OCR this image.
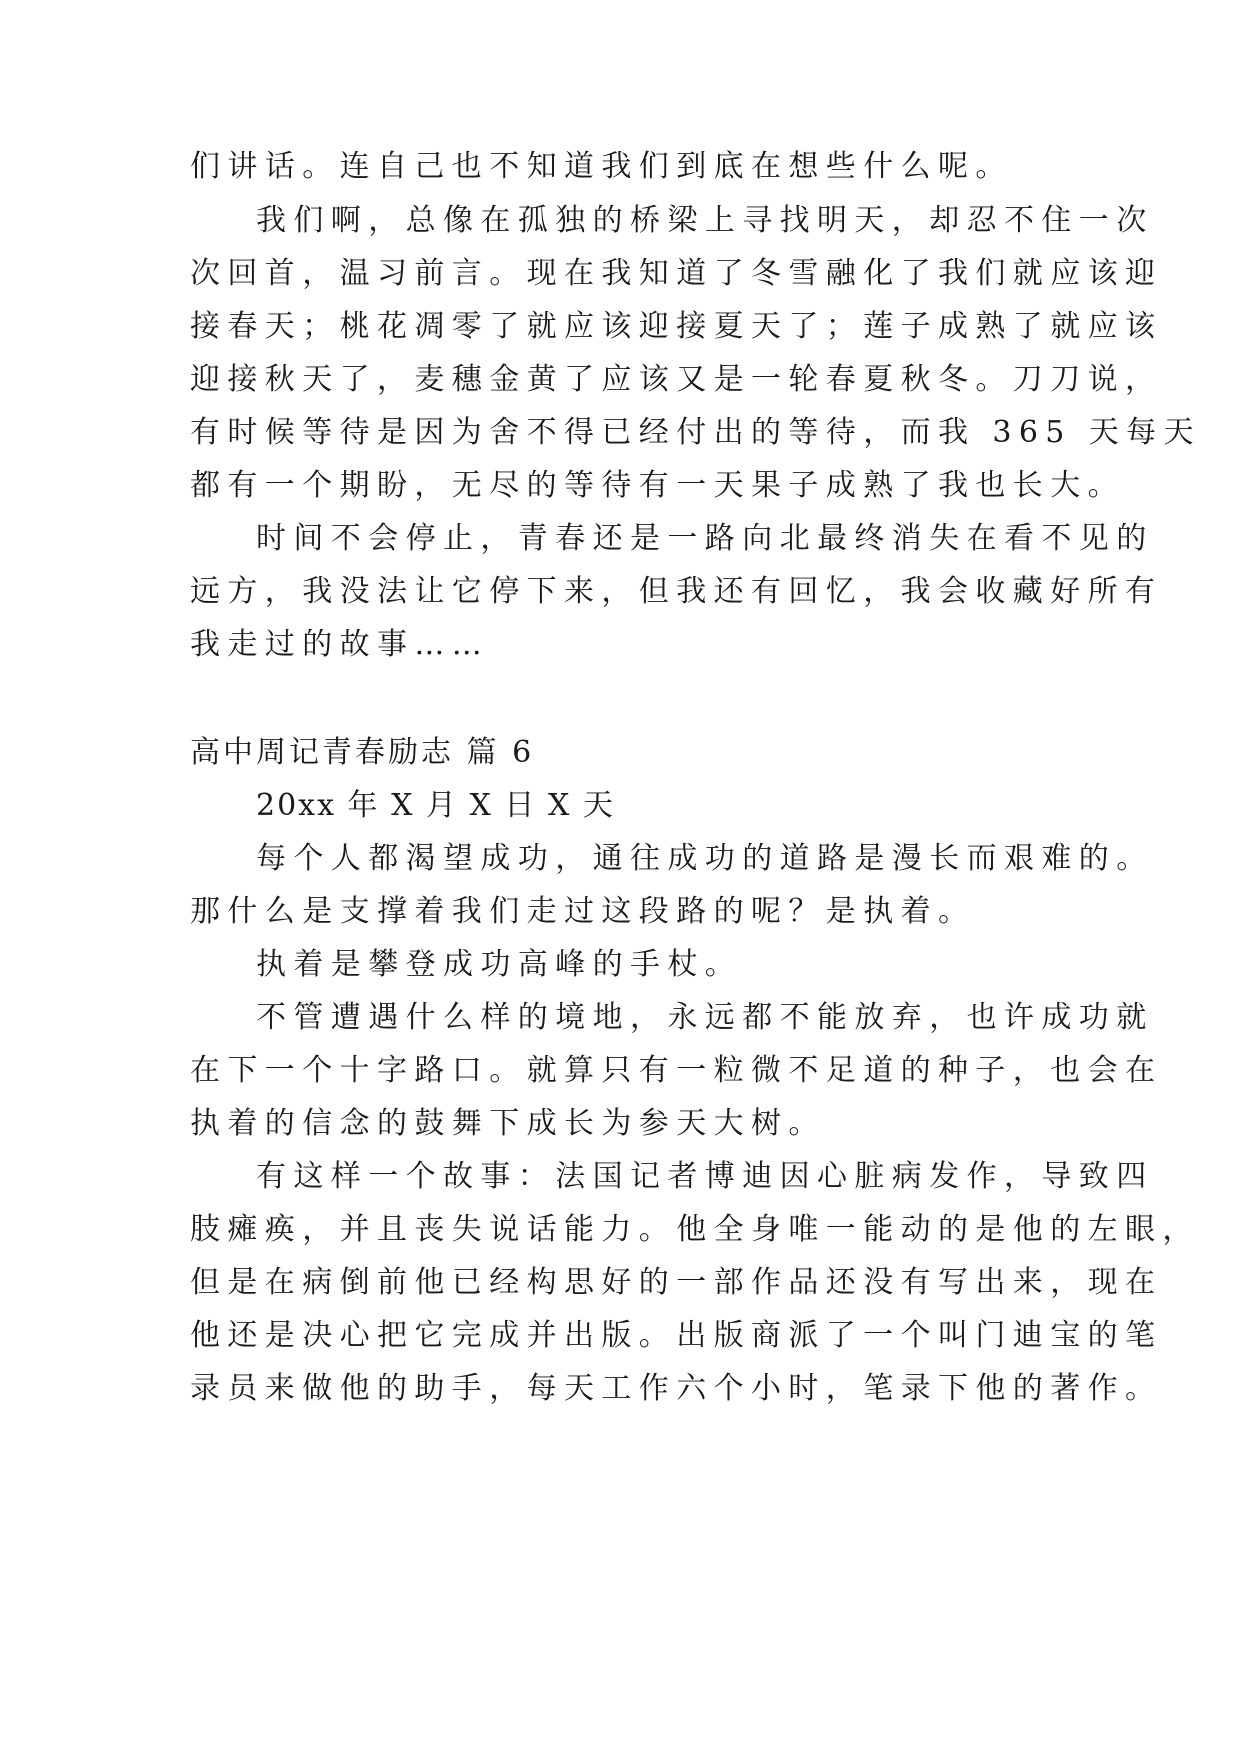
们讲话。连自己也不知道我们到底在想些什么呢。
我们啊，总像在孤独的桥梁上寻找明天，却忍不住一次
次回首，温习前言。现在我知道了冬雪融化了我们就应该迎
接春天；桃花凋零了就应该迎接夏天了；莲子成熟了就应该
迎接秋天了，麦穗金黄了应该又是一轮春夏秋冬。刀刀说，
有时候等待是因为舍不得已经付出的等待，而我 365 天每天
都有一个期盼，无尽的等待有一天果子成熟了我也长大。
时间不会停止，青春还是一路向北最终消失在看不见的
远方，我没法让它停下来，但我还有回忆，我会收藏好所有
我走过的故事……
高中周记青春励志 篇 6
20xx 年 X 月 X 日 X 天
每个人都渴望成功，通往成功的道路是漫长而艰难的。
那什么是支撑着我们走过这段路的呢？是执着。
执着是攀登成功高峰的手杖。
不管遭遇什么样的境地，永远都不能放弃，也许成功就
在下一个十字路口。就算只有一粒微不足道的种子，也会在
执着的信念的鼓舞下成长为参天大树。
有这样一个故事：法国记者博迪因心脏病发作，导致四
肢瘫痪，并且丧失说话能力。他全身唯一能动的是他的左眼，
但是在病倒前他已经构思好的一部作品还没有写出来，现在
他还是决心把它完成并出版。出版商派了一个叫门迪宝的笔
录员来做他的助手，每天工作六个小时，笔录下他的著作。
